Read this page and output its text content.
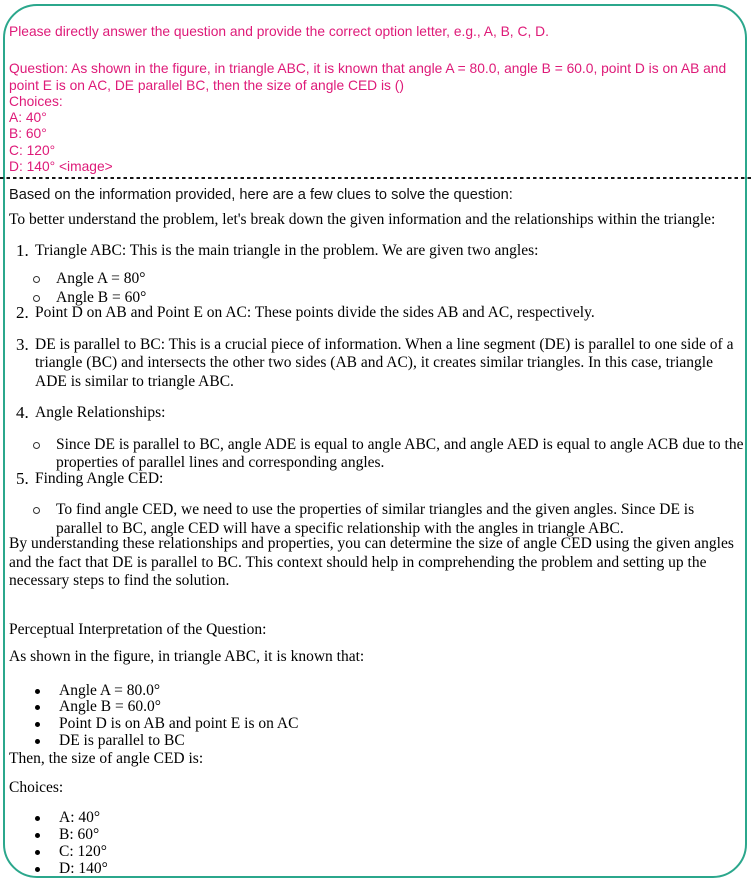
Please directly answer the question and provide the correct option letter, e.g., A, B, C, D.
Question: As shown in the figure, in triangle ABC, it is known that angle A = 80.0, angle B = 60.0, point D is on AB and point E is on AC, DE parallel BC, then the size of angle CED is ()
Choices:
A: 40°
B: 60°
C: 120°
D: 140° <image>
Based on the information provided, here are a few clues to solve the question:
To better understand the problem, let's break down the given information and the relationships within the triangle:
1. Triangle ABC: This is the main triangle in the problem. We are given two angles:
Angle A = 80°
Angle B = 60°
2. Point D on AB and Point E on AC: These points divide the sides AB and AC, respectively.
3. DE is parallel to BC: This is a crucial piece of information. When a line segment (DE) is parallel to one side of a triangle (BC) and intersects the other two sides (AB and AC), it creates similar triangles. In this case, triangle ADE is similar to triangle ABC.
4. Angle Relationships:
Since DE is parallel to BC, angle ADE is equal to angle ABC, and angle AED is equal to angle ACB due to the properties of parallel lines and corresponding angles.
5. Finding Angle CED:
To find angle CED, we need to use the properties of similar triangles and the given angles. Since DE is parallel to BC, angle CED will have a specific relationship with the angles in triangle ABC.
By understanding these relationships and properties, you can determine the size of angle CED using the given angles and the fact that DE is parallel to BC. This context should help in comprehending the problem and setting up the necessary steps to find the solution.
Perceptual Interpretation of the Question:
As shown in the figure, in triangle ABC, it is known that:
Angle A = 80.0°
Angle B = 60.0°
Point D is on AB and point E is on AC
DE is parallel to BC
Then, the size of angle CED is:
Choices:
A: 40°
B: 60°
C: 120°
D: 140°
